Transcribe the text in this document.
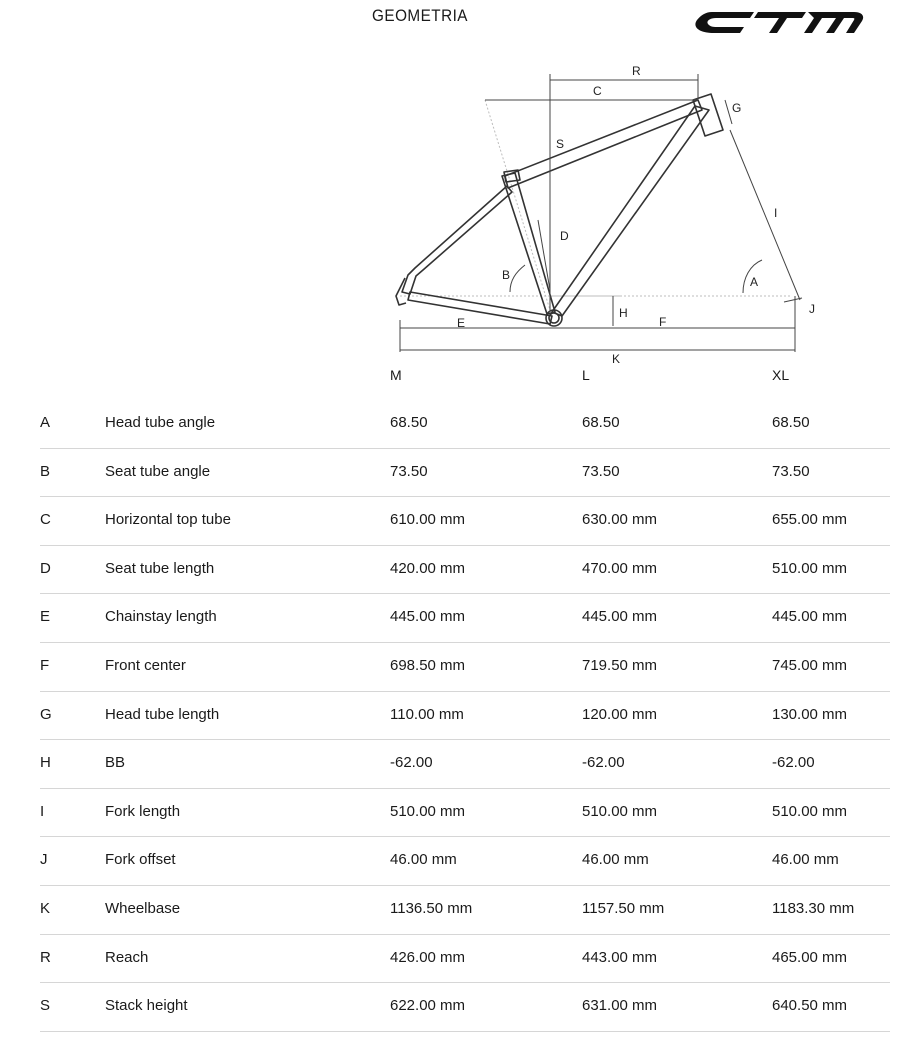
GEOMETRIA
R
C
G
S
D
B	A
I
H
E	F
J
K
M	L	XL
A	Head tube angle	68.50	68.50	68.50
B	Seat tube angle	73.50	73.50	73.50
C	Horizontal top tube	610.00 mm	630.00 mm	655.00 mm
D	Seat tube length	420.00 mm	470.00 mm	510.00 mm
E	Chainstay length	445.00 mm	445.00 mm	445.00 mm
F	Front center	698.50 mm	719.50 mm	745.00 mm
G	Head tube length	110.00 mm	120.00 mm	130.00 mm
H	BB	-62.00	-62.00	-62.00
I	Fork length	510.00 mm	510.00 mm	510.00 mm
J	Fork offset	46.00 mm	46.00 mm	46.00 mm
K	Wheelbase	1136.50 mm	1157.50 mm	1183.30 mm
R	Reach	426.00 mm	443.00 mm	465.00 mm
S	Stack height	622.00 mm	631.00 mm	640.50 mm
